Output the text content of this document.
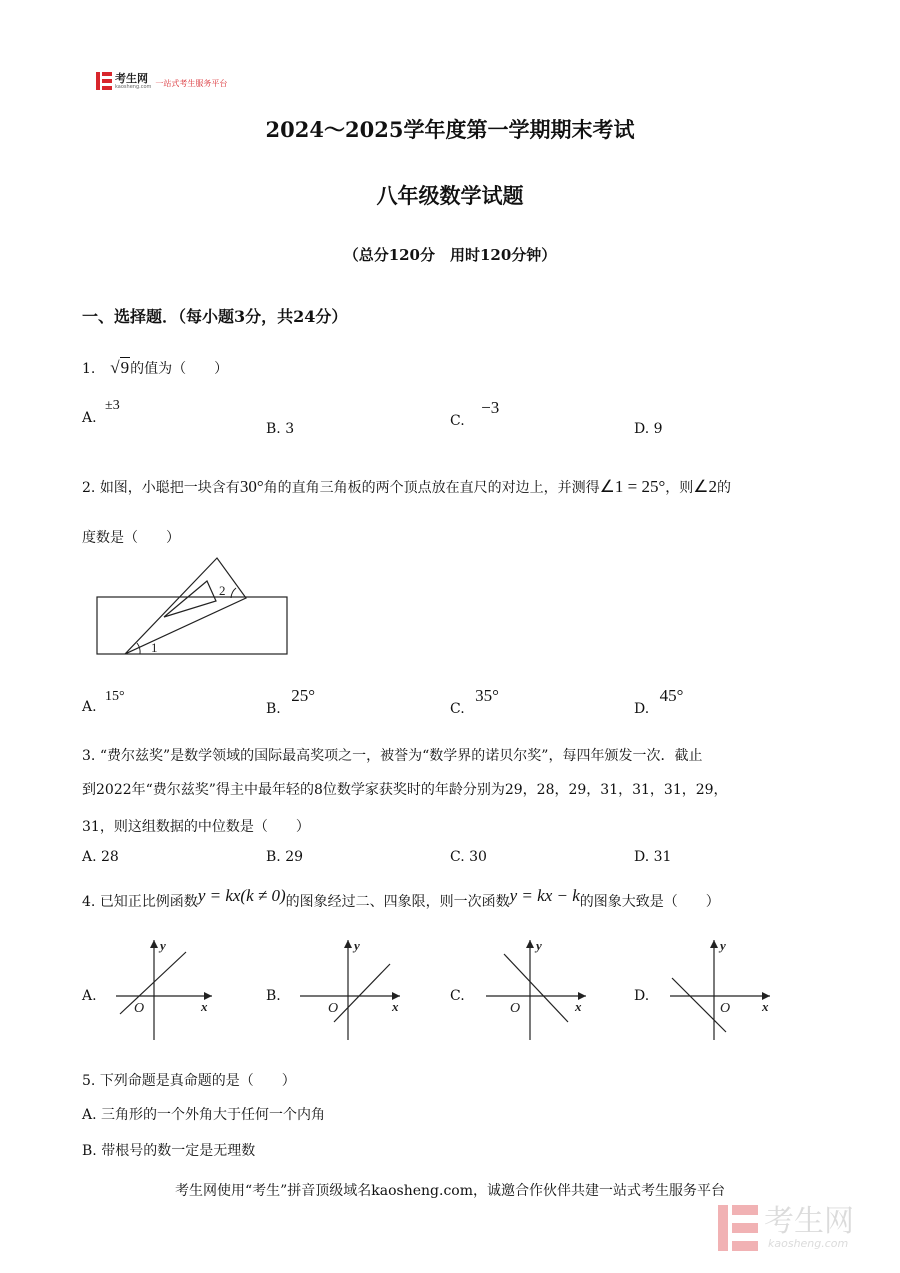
考生网
kaosheng.com 一站式考生服务平台
2024～2025学年度第一学期期末考试
八年级数学试题
（总分120分　用时120分钟）
一、选择题．（每小题3分，共24分）
1. √9的值为（　　）
A. ±3
B. 3	C. −3
D. 9
2. 如图，小聪把一块含有30°角的直角三角板的两个顶点放在直尺的对边上，并测得∠1 = 25°，则∠2的
度数是（　　）
1
2
A. 15°
B. 25°
C. 35°
D. 45°
3. “费尔兹奖”是数学领域的国际最高奖项之一，被誉为“数学界的诺贝尔奖”，每四年颁发一次．截止
到2022年“费尔兹奖”得主中最年轻的8位数学家获奖时的年龄分别为29，28，29，31，31，31，29，
31，则这组数据的中位数是（　　）
A. 28	B. 29	C. 30	D. 31
4. 已知正比例函数y = kx(k ≠ 0)的图象经过二、四象限，则一次函数y = kx − k的图象大致是（　　）
A.	B.	C.	D.
O	x
y
O	x
y
O	x
y
O x
y
5. 下列命题是真命题的是（　　）
A. 三角形的一个外角大于任何一个内角
B. 带根号的数一定是无理数
考生网使用“考生”拼音顶级域名kaosheng.com，诚邀合作伙伴共建一站式考生服务平台
考生网
kaosheng.com
